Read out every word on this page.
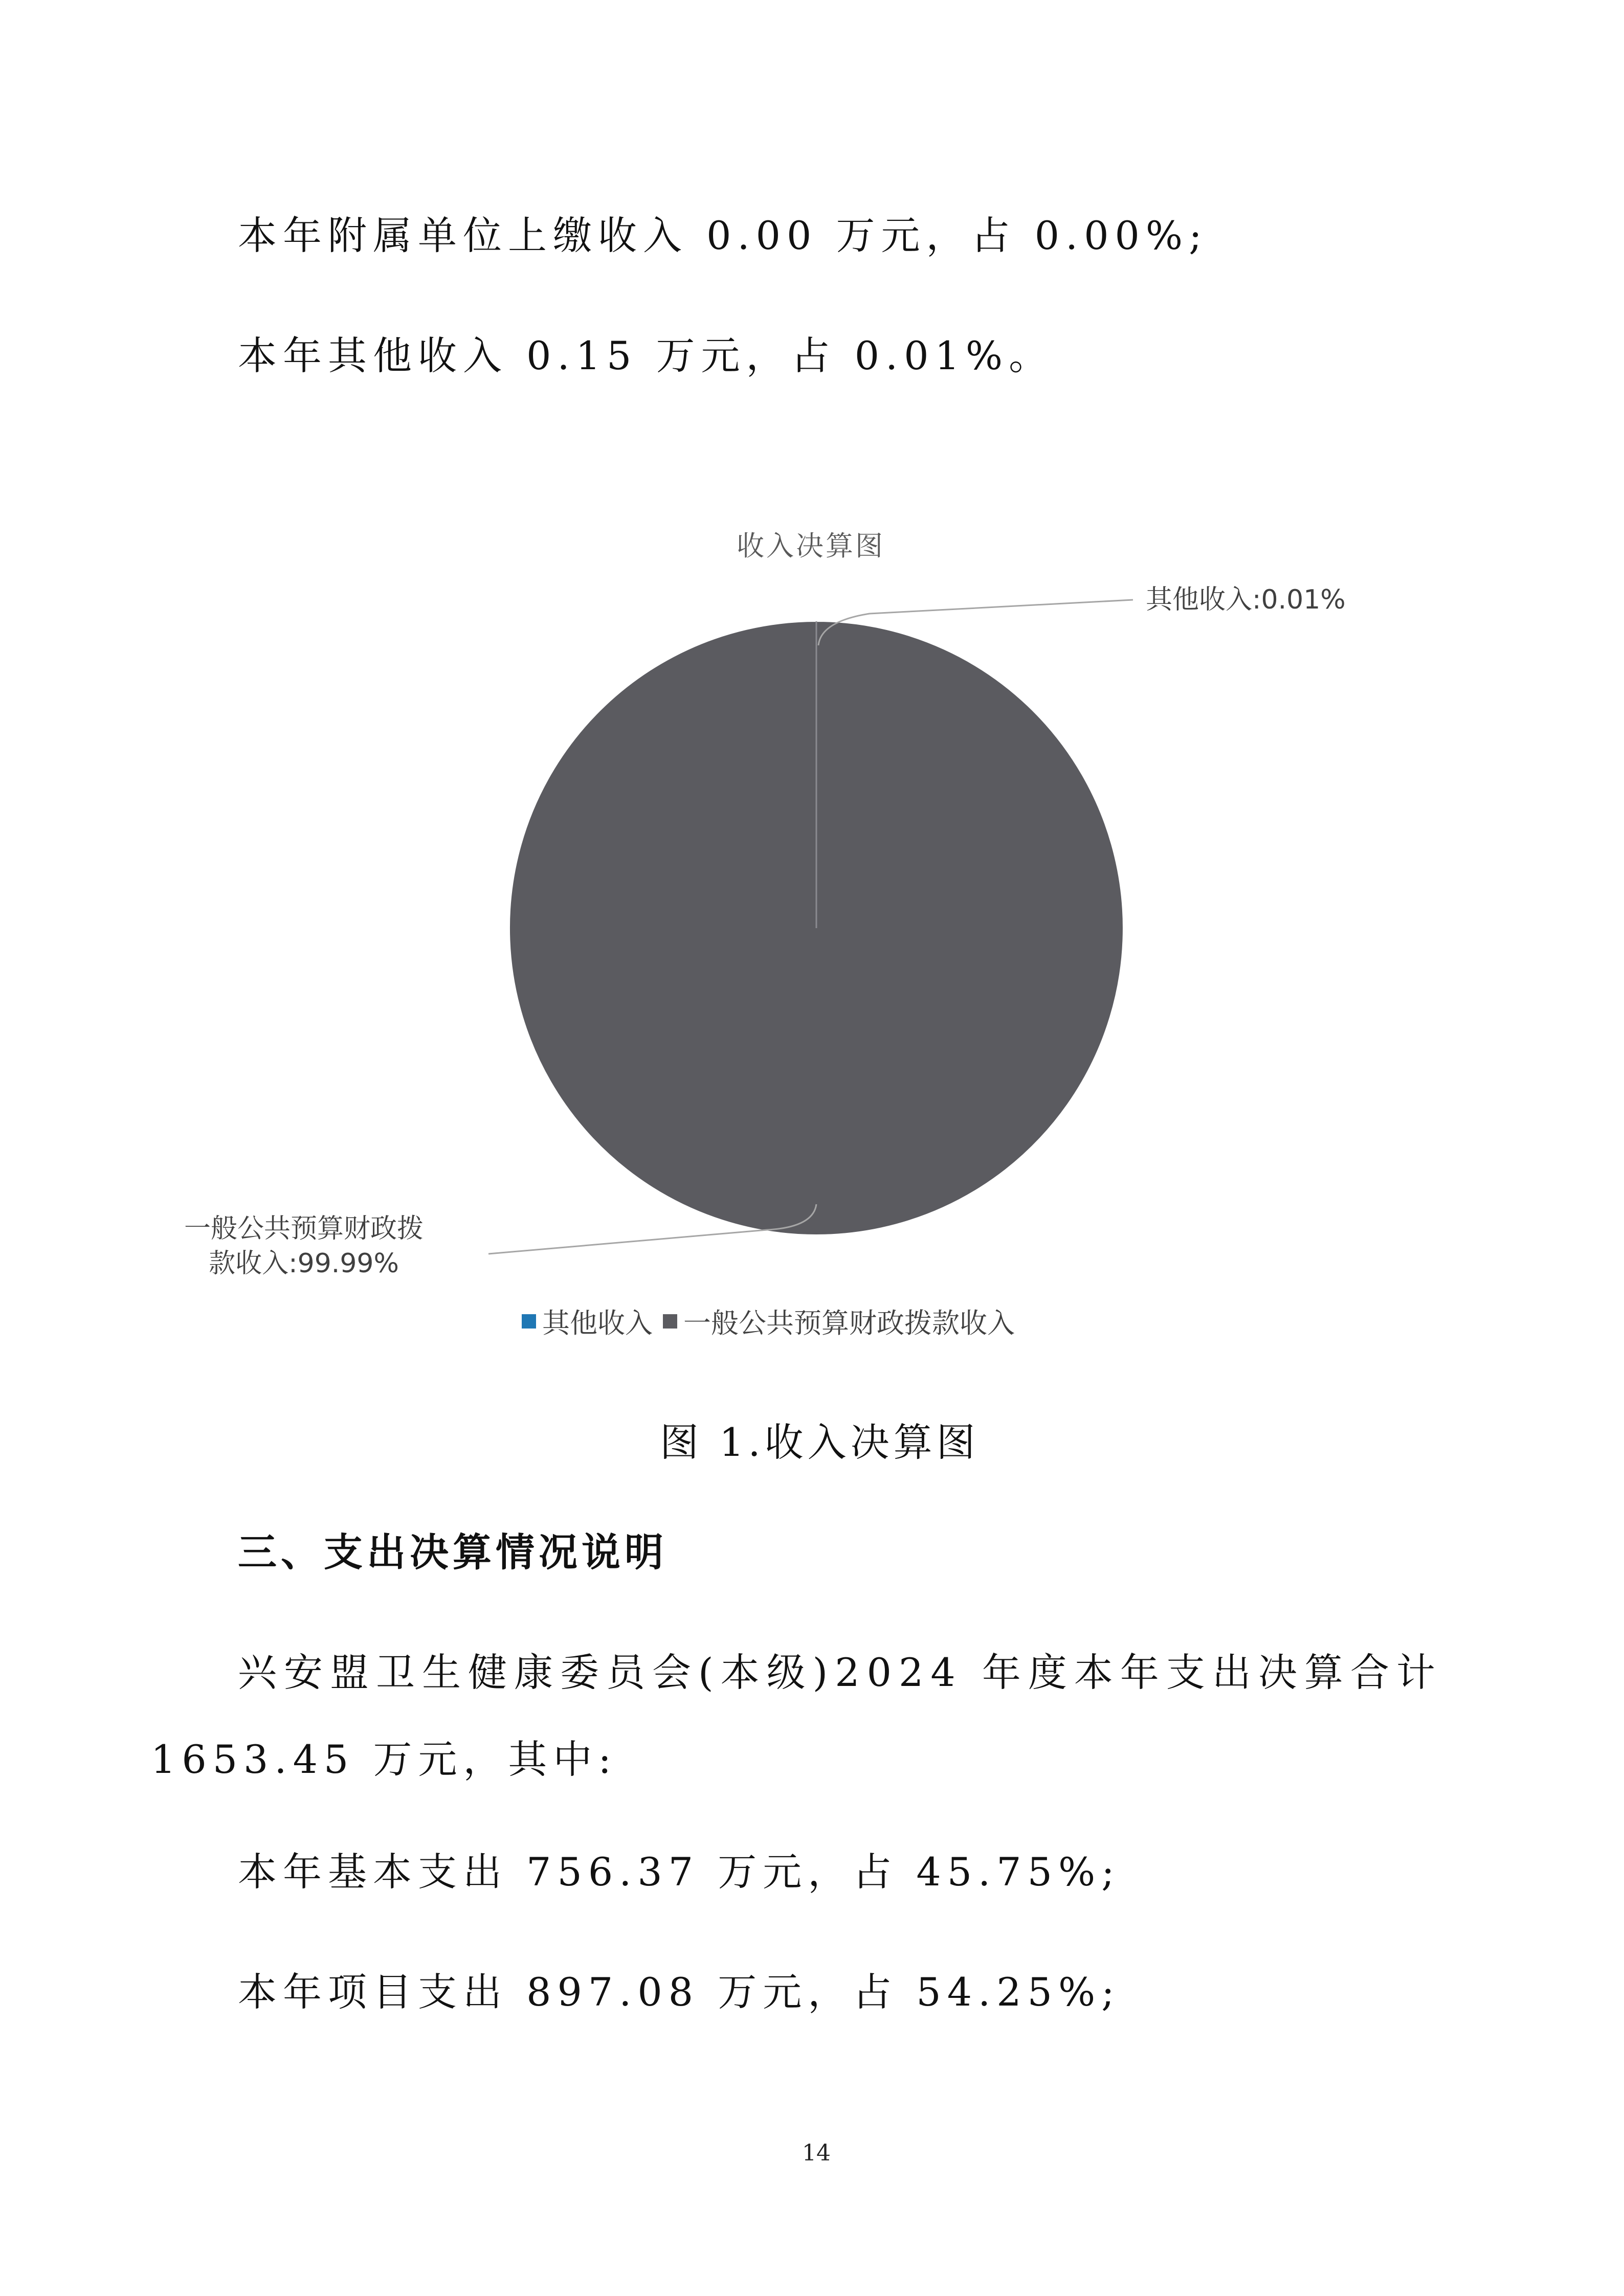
本年附属单位上缴收入 0.00 万元，占 0.00%;

本年其他收入 0.15 万元，占 0.01%。

收入决算图
其他收入:0.01%
一般公共预算财政拨
款收入:99.99%
其他收入 一般公共预算财政拨款收入
图 1.收入决算图

三、支出决算情况说明

兴安盟卫生健康委员会(本级)2024 年度本年支出决算合计

1653.45 万元，其中:

本年基本支出 756.37 万元，占 45.75%;

本年项目支出 897.08 万元，占 54.25%;

14
